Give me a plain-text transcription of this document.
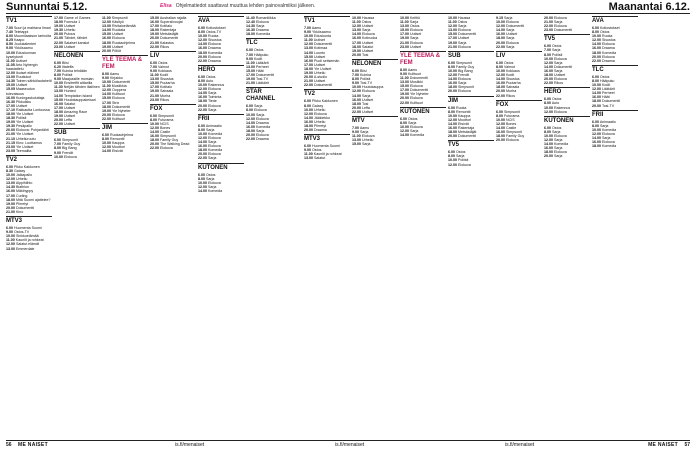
Sunnuntai 5.12.	Elisa Ohjelmatiedot saattavat muuttua lehden painovalmiiksi jälkeen.	Maanantai 6.12.
TV1
7.00 Suuri ja mahtava Ilmari
7.40 Teletappi
8.00 Muumilaakson tarinoita
8.25 Kaapo
8.50 Joulukalenteri
9.00 Ykkösaamu
10.00 Eduskunnan kyselytunti
11.00 Uutiset
11.05 Arto Nybergin haastattelu
12.00 Ikuiset eläimet
13.00 Ruutiukot
14.30 Toinen sähkölautaheiti
15.00 Uutiset
15.05 Maaseudun tulevaisuus
16.00 Kuningaskuluttaja
16.30 Pikkuikku
17.00 Uutiset
17.10 Rakkautta Lontoossa
18.00 Yle Uutiset
18.30 Poliisit
19.00 Yle Uutiset
19.30 Pesäpallo
20.00 Elokuva: Pohjantähti
21.00 Yle Uutiset
21.10 Urheiluruutu
21.15 Kino: Luottamus
23.00 Yle Uutiset
23.05 Teemailta
TV2
6.00 Pikku Kakkonen
8.30 Galaxy
10.00 Jalkapallo
12.00 Urheilu
13.00 Alppihiihto
14.30 Biathlon
16.00 Mäkihyppy
17.00 Curling
18.00 Mitä Suomi ajattelee?
19.00 Piirretyt
20.00 Dokumentti
21.00 Kino
MTV3
6.00 Huomenta Suomi
9.00 Ostos-TV
10.00 Sinkkuelämää
11.00 Kauniit ja rohkeat
12.00 Salatut elämät
13.00 Emmerdale
17.00 Game of Games
18.00 Formula 1
19.00 Uutiset
19.30 Urheilu
20.00 Putous
21.00 Tähdet, tähdet
22.00 Salaiset kansiot
23.00 Uutiset
NELONEN
6.00 Biisi
6.20 Iltaleffa
7.00 Kuinka tehdään
8.00 Poliisit
9.00 Maajussille morsian
10.00 Ensitreffit alttarilla
11.30 Neljän tähden illallinen
13.00 Hunted
14.00 Temptation Island
15.00 Huutokauppakeisari
16.00 Salatut
17.00 Uutiset
18.00 Amazing Race
19.00 Uutiset
20.00 Leffa
22.00 Uutiset
SUB
6.00 Simpsonit
7.00 Family Guy
8.00 Big Bang
9.00 Frendit
10.00 Elokuva
11.00 Simpsonit
12.00 Käsityö
13.00 Rivitaloelämää
14.00 Ruokala
15.00 Uutiset
16.00 Elokuva
18.00 Ruokaohjelma
19.00 Uutiset
20.00 Pöllöt
YLE TEEMA & FEM
8.00 Aamu
9.00 Kirjakko
10.00 Dokumentti
11.00 Musiikkia
12.00 Ooppera
14.00 Kulttuuri
15.00 Elokuva
17.00 Strix
18.00 Dokumentti
19.00 Yle Nyheter
20.00 Elokuva
22.00 Kulttuuri
JIM
6.00 Ruokaohjelma
8.00 Remontti
10.00 Kauppa
12.00 Moottori
14.00 Etsivät
15.00 Australian rajalla
16.00 Supersiivoojat
17.00 Kotitalo
18.00 Rakentaja
19.00 Metsästäjät
20.00 Dokumentti
21.00 Kalastus
22.00 Rikos
LIV
6.00 Ostos
7.00 Vaimot
9.00 Kokkaus
11.00 Kodit
13.00 Sisustus
15.00 Puutarha
17.00 Kotitalo
19.00 Sairaala
21.00 Murha
23.00 Rikos
FOX
6.00 Simpsonit
8.00 Futurama
10.00 NCIS
12.00 Bones
14.00 Castle
16.00 Simpsonit
18.00 Family Guy
20.00 The Walking Dead
22.00 Elokuva
AVA
6.00 Kotiostokset
8.00 Ostos-TV
10.00 Ruoka
12.00 Sisustus
14.00 Elokuva
16.00 Draama
18.00 Komedia
20.00 Elokuva
22.00 Draama
HERO
6.00 Ostos
8.00 Auto
10.00 Rakennus
12.00 Elokuva
14.00 Sarja
16.00 Toiminta
18.00 Tiede
20.00 Elokuva
22.00 Sarja
FRII
6.00 Animaatio
8.00 Sarja
10.00 Komedia
12.00 Elokuva
14.00 Sarja
16.00 Elokuva
18.00 Komedia
20.00 Elokuva
22.00 Sarja
KUTONEN
6.00 Ostos
8.00 Sarja
10.00 Elokuva
12.00 Sarja
14.00 Komedia
11.40 Romantiikka
12.40 Elokuva
14.30 Sarja
16.30 Draama
18.00 Komedia
TLC
6.00 Ostos
7.00 Hääpuku
9.00 Kodit
11.00 Lääkärit
13.00 Perheet
15.00 Häät
17.00 Dokumentti
19.00 Tosi-TV
21.00 Lääkärit
STAR CHANNEL
6.00 Sarja
8.00 Elokuva
10.00 Sarja
12.00 Elokuva
14.00 Draama
16.00 Komedia
18.00 Sarja
20.00 Elokuva
22.00 Draama
TV1
7.00 Aamu
9.00 Ykkösaamu
10.00 Eduskunta
11.00 Uutiset
12.00 Dokumentti
13.00 Kotimaa
14.00 Luonto
15.00 Uutiset
16.00 Puoli seitsemän
17.00 Uutiset
18.00 Yle Uutiset
19.00 Urheilu
20.00 A-studio
21.00 Uutiset
22.00 Dokumentti
TV2
6.00 Pikku Kakkonen
8.00 Galaxy
10.00 Urheilu
12.00 Elokuva
14.00 Jääkiekko
16.00 Urheilu
18.00 Piirretyt
20.00 Draama
MTV3
6.00 Huomenta Suomi
9.00 Ostos
11.00 Kauniit ja rohkeat
13.00 Salatut
10.00 Haussa
11.00 Ostos
12.00 Uutiset
13.00 Sarja
14.00 Elokuva
16.00 Kotiruoka
17.00 Uutiset
18.00 Salatut
19.00 Uutiset
20.00 Tosi
NELONEN
6.00 Biisi
7.00 Kuinka
8.00 Poliisit
9.00 Tosi-TV
10.00 Huutokauppa
12.00 Elokuva
14.00 Sarja
16.00 Uutiset
18.00 Tosi
20.00 Leffa
22.00 Uutiset
MTV
7.00 Aamu
9.00 Sarja
11.00 Elokuva
13.00 Urheilu
15.00 Sarja
10.00 Keittiö
11.00 Sarja
13.00 Ostos
15.00 Elokuva
17.00 Uutiset
19.00 Sarja
21.00 Elokuva
23.00 Uutiset
YLE TEEMA & FEM
8.00 Aamu
9.00 Kulttuuri
11.00 Dokumentti
13.00 Musiikki
15.00 Elokuva
17.00 Dokumentti
19.00 Yle Nyheter
20.00 Elokuva
22.00 Kulttuuri
KUTONEN
6.00 Ostos
8.00 Sarja
10.00 Elokuva
12.00 Sarja
14.00 Komedia
10.00 Haussa
11.00 Ostos
12.00 Sarja
13.00 Elokuva
15.00 Dokumentti
17.00 Uutiset
19.00 Sarja
21.00 Elokuva
SUB
6.00 Simpsonit
8.00 Family Guy
10.00 Big Bang
12.00 Frendit
14.00 Elokuva
16.00 Sarja
18.00 Simpsonit
20.00 Elokuva
JIM
6.00 Ruoka
8.00 Remontti
10.00 Kauppa
12.00 Moottori
14.00 Etsivät
16.00 Rakentaja
18.00 Metsästäjät
20.00 Dokumentti
TV5
6.00 Ostos
8.00 Sarja
10.00 Poliisit
12.00 Elokuva
9.15 Sarja
10.00 Elokuva
12.00 Dokumentti
14.00 Sarja
16.00 Uutiset
18.00 Sarja
20.00 Elokuva
22.00 Sarja
LIV
6.00 Ostos
8.00 Vaimot
10.00 Kokkaus
12.00 Kodit
14.00 Sisustus
16.00 Puutarha
18.00 Sairaala
20.00 Murha
22.00 Rikos
FOX
6.00 Simpsonit
8.00 Futurama
10.00 NCIS
12.00 Bones
14.00 Castle
16.00 Simpsonit
18.00 Family Guy
20.00 Elokuva
20.00 Elokuva
21.00 Sarja
22.00 Elokuva
23.00 Dokumentti
TV5
6.00 Ostos
7.00 Sarja
8.00 Poliisit
10.00 Elokuva
12.00 Sarja
14.00 Dokumentti
16.00 Sarja
18.00 Uutiset
20.00 Elokuva
22.00 Rikos
HERO
6.00 Ostos
8.00 Auto
10.00 Rakennus
12.00 Elokuva
KUTONEN
6.00 Ostos
8.00 Sarja
10.00 Elokuva
12.00 Sarja
14.00 Komedia
16.00 Sarja
18.00 Elokuva
20.00 Sarja
AVA
6.00 Kotiostokset
8.00 Ostos
10.00 Ruoka
12.00 Sisustus
14.00 Elokuva
16.00 Draama
18.00 Komedia
20.00 Elokuva
22.00 Draama
TLC
6.00 Ostos
8.00 Hääpuku
10.00 Kodit
12.00 Lääkärit
14.00 Perheet
16.00 Häät
18.00 Dokumentti
20.00 Tosi-TV
FRII
6.00 Animaatio
8.00 Sarja
10.00 Komedia
12.00 Elokuva
14.00 Sarja
16.00 Elokuva
18.00 Komedia
56 ME NAISET	is.fi/menaiset	is.fi/menaiset	is.fi/menaiset	ME NAISET 57
